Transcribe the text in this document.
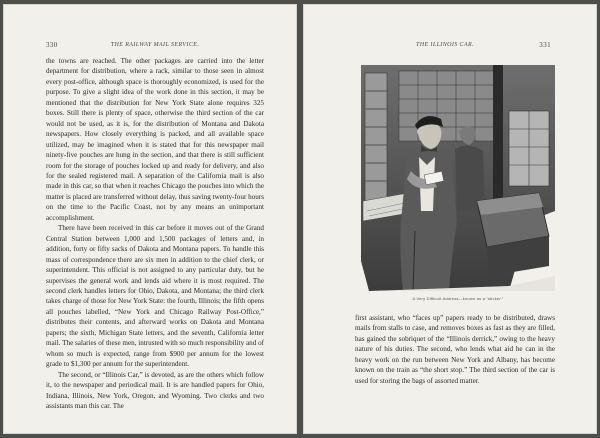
330	THE RAILWAY MAIL SERVICE.

the towns are reached. The other packages are carried into the letter department for distribution, where a rack, similar to those seen in almost every post-office, although space is thoroughly economized, is used for the purpose. To give a slight idea of the work done in this section, it may be mentioned that the distribution for New York State alone requires 325 boxes. Still there is plenty of space, otherwise the third section of the car would not be used, as it is, for the distribution of Montana and Dakota newspapers. How closely everything is packed, and all available space utilized, may be imagined when it is stated that for this newspaper mail ninety-five pouches are hung in the section, and that there is still sufficient room for the storage of pouches locked up and ready for delivery, and also for the sealed registered mail. A separation of the California mail is also made in this car, so that when it reaches Chicago the pouches into which the matter is placed are transferred without delay, thus saving twenty-four hours on the time to the Pacific Coast, not by any means an unimportant accomplishment.

There have been received in this car before it moves out of the Grand Central Station between 1,000 and 1,500 packages of letters and, in addition, forty or fifty sacks of Dakota and Montana papers. To handle this mass of correspondence there are six men in addition to the chief clerk, or superintendent. This official is not assigned to any particular duty, but he supervises the general work and lends aid where it is most required. The second clerk handles letters for Ohio, Dakota, and Montana; the third clerk takes charge of those for New York State: the fourth, Illinois; the fifth opens all pouches labelled, “New York and Chicago Railway Post-Office,” distributes their contents, and afterward works on Dakota and Montana papers; the sixth, Michigan State letters, and the seventh, California letter mail. The salaries of these men, intrusted with so much responsibility and of whom so much is expected, range from $900 per annum for the lowest grade to $1,300 per annum for the superintendent.

The second, or “Illinois Car,” is devoted, as are the others which follow it, to the newspaper and periodical mail. It is are handled papers for Ohio, Indiana, Illinois, New York, Oregon, and Wyoming. Two clerks and two assistants man this car. The

THE ILLINOIS CAR.	331
A Very Difficult Address—known as a “sticker.”

first assistant, who “faces up” papers ready to be distributed, draws mails from stalls to case, and removes boxes as fast as they are filled, has gained the sobriquet of the “Illinois derrick,” owing to the heavy nature of his duties. The second, who lends what aid he can in the heavy work on the run between New York and Albany, has become known on the train as “the short stop.” The third section of the car is used for storing the bags of assorted matter.
